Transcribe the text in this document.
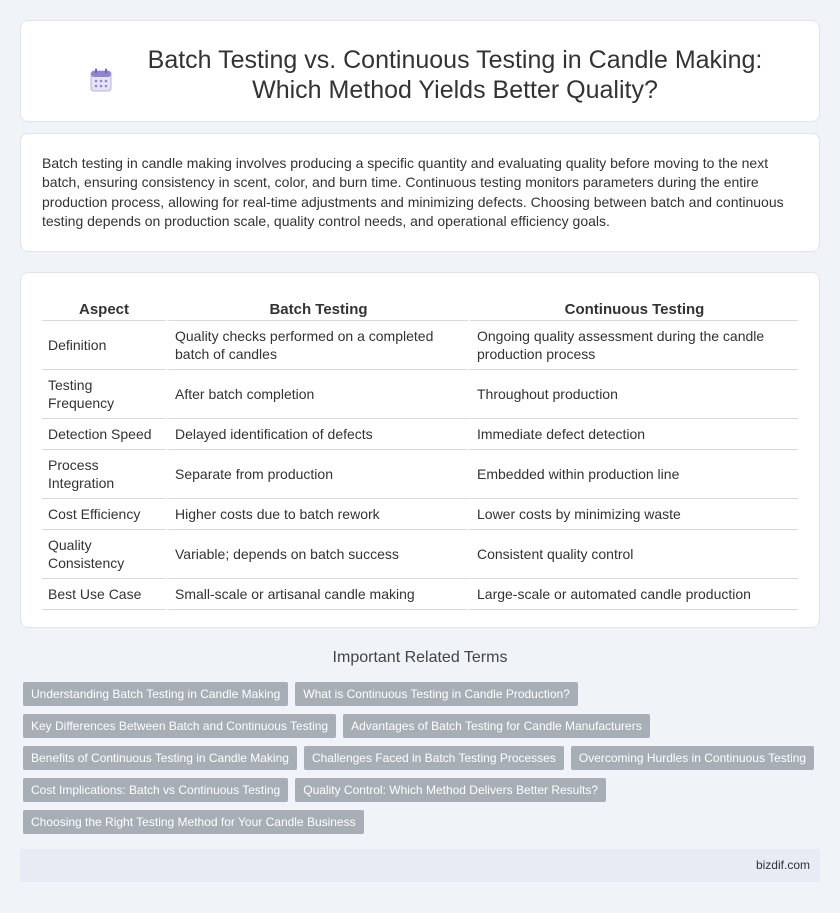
Batch Testing vs. Continuous Testing in Candle Making: Which Method Yields Better Quality?

Batch testing in candle making involves producing a specific quantity and evaluating quality before moving to the next batch, ensuring consistency in scent, color, and burn time. Continuous testing monitors parameters during the entire production process, allowing for real-time adjustments and minimizing defects. Choosing between batch and continuous testing depends on production scale, quality control needs, and operational efficiency goals.

Aspect	Batch Testing	Continuous Testing
Definition	Quality checks performed on a completed batch of candles	Ongoing quality assessment during the candle production process
Testing Frequency	After batch completion	Throughout production
Detection Speed	Delayed identification of defects	Immediate defect detection
Process Integration	Separate from production	Embedded within production line
Cost Efficiency	Higher costs due to batch rework	Lower costs by minimizing waste
Quality Consistency	Variable; depends on batch success	Consistent quality control
Best Use Case	Small-scale or artisanal candle making	Large-scale or automated candle production
Important Related Terms
Understanding Batch Testing in Candle Making	What is Continuous Testing in Candle Production?
Key Differences Between Batch and Continuous Testing	Advantages of Batch Testing for Candle Manufacturers
Benefits of Continuous Testing in Candle Making	Challenges Faced in Batch Testing Processes	Overcoming Hurdles in Continuous Testing
Cost Implications: Batch vs Continuous Testing	Quality Control: Which Method Delivers Better Results?
Choosing the Right Testing Method for Your Candle Business
bizdif.com
